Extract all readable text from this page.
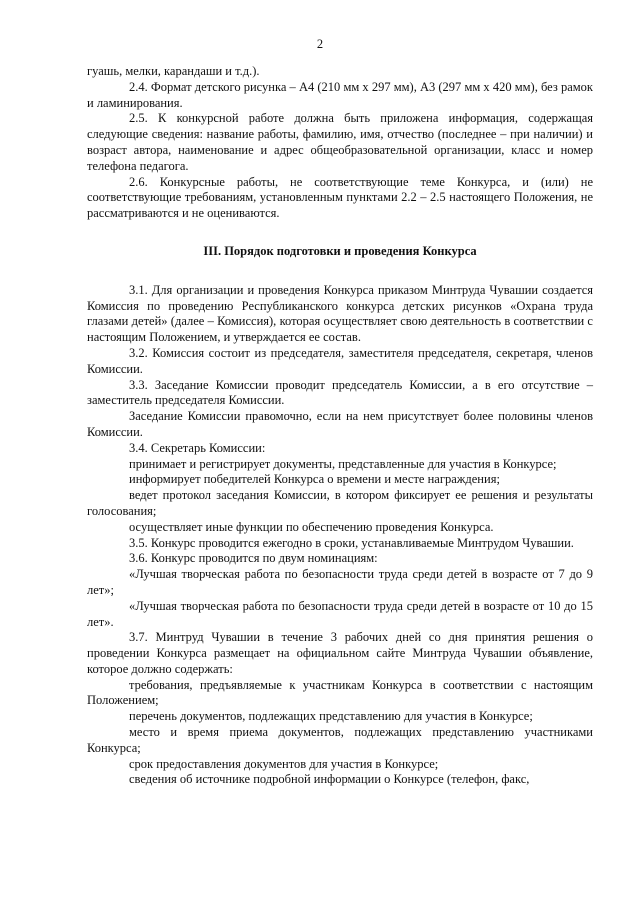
2

гуашь, мелки, карандаши и т.д.).

2.4. Формат детского рисунка – А4 (210 мм х 297 мм), А3 (297 мм х 420 мм), без рамок и ламинирования.

2.5. К конкурсной работе должна быть приложена информация, содержащая следующие сведения: название работы, фамилию, имя, отчество (последнее – при наличии) и возраст автора, наименование и адрес общеобразовательной организации, класс и номер телефона педагога.

2.6. Конкурсные работы, не соответствующие теме Конкурса, и (или) не соответствующие требованиям, установленным пунктами 2.2 – 2.5 настоящего Положения, не рассматриваются и не оцениваются.

III. Порядок подготовки и проведения Конкурса

3.1. Для организации и проведения Конкурса приказом Минтруда Чувашии создается Комиссия по проведению Республиканского конкурса детских рисунков «Охрана труда глазами детей» (далее – Комиссия), которая осуществляет свою деятельность в соответствии с настоящим Положением, и утверждается ее состав.

3.2. Комиссия состоит из председателя, заместителя председателя, секретаря, членов Комиссии.

3.3. Заседание Комиссии проводит председатель Комиссии, а в его отсутствие – заместитель председателя Комиссии.

Заседание Комиссии правомочно, если на нем присутствует более половины членов Комиссии.

3.4. Секретарь Комиссии:

принимает и регистрирует документы, представленные для участия в Конкурсе;

информирует победителей Конкурса о времени и месте награждения;

ведет протокол заседания Комиссии, в котором фиксирует ее решения и результаты голосования;

осуществляет иные функции по обеспечению проведения Конкурса.

3.5. Конкурс проводится ежегодно в сроки, устанавливаемые Минтрудом Чувашии.

3.6. Конкурс проводится по двум номинациям:

«Лучшая творческая работа по безопасности труда среди детей в возрасте от 7 до 9 лет»;

«Лучшая творческая работа по безопасности труда среди детей в возрасте от 10 до 15 лет».

3.7. Минтруд Чувашии в течение 3 рабочих дней со дня принятия решения о проведении Конкурса размещает на официальном сайте Минтруда Чувашии объявление, которое должно содержать:

требования, предъявляемые к участникам Конкурса в соответствии с настоящим Положением;

перечень документов, подлежащих представлению для участия в Конкурсе;

место и время приема документов, подлежащих представлению участниками Конкурса;

срок предоставления документов для участия в Конкурсе;

сведения об источнике подробной информации о Конкурсе (телефон, факс,
